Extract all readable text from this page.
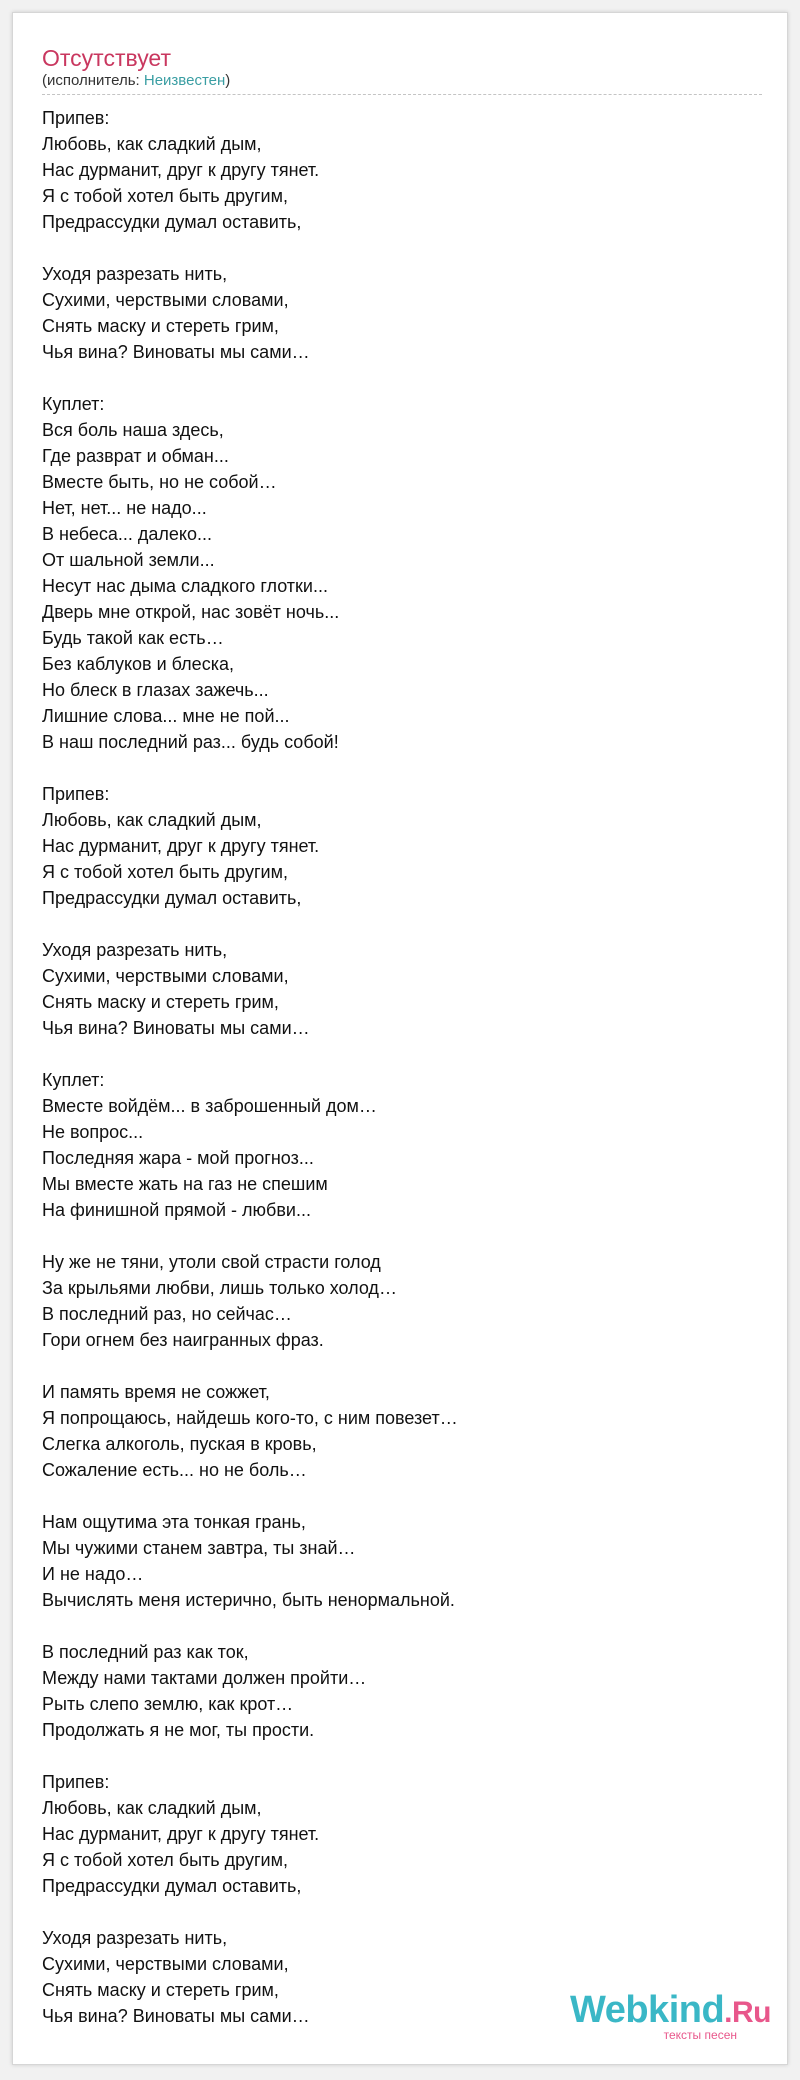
Отсутствует
(исполнитель: Неизвестен)
Припев:
Любовь, как сладкий дым,
Нас дурманит, друг к другу тянет.
Я с тобой хотел быть другим,
Предрассудки думал оставить,
Уходя разрезать нить,
Сухими, черствыми словами,
Снять маску и стереть грим,
Чья вина? Виноваты мы сами…
Куплет:
Вся боль наша здесь,
Где разврат и обман...
Вместе быть, но не собой…
Нет, нет... не надо...
В небеса... далеко...
От шальной земли...
Несут нас дыма сладкого глотки...
Дверь мне открой, нас зовёт ночь...
Будь такой как есть…
Без каблуков и блеска,
Но блеск в глазах зажечь...
Лишние слова... мне не пой...
В наш последний раз... будь собой!
Припев:
Любовь, как сладкий дым,
Нас дурманит, друг к другу тянет.
Я с тобой хотел быть другим,
Предрассудки думал оставить,
Уходя разрезать нить,
Сухими, черствыми словами,
Снять маску и стереть грим,
Чья вина? Виноваты мы сами…
Куплет:
Вместе войдём... в заброшенный дом…
Не вопрос...
Последняя жара - мой прогноз...
Мы вместе жать на газ не спешим
На финишной прямой - любви...
Ну же не тяни, утоли свой страсти голод
За крыльями любви, лишь только холод…
В последний раз, но сейчас…
Гори огнем без наигранных фраз.
И память время не сожжет,
Я попрощаюсь, найдешь кого-то, с ним повезет…
Слегка алкоголь, пуская в кровь,
Сожаление есть... но не боль…
Нам ощутима эта тонкая грань,
Мы чужими станем завтра, ты знай…
И не надо…
Вычислять меня истерично, быть ненормальной.
В последний раз как ток,
Между нами тактами должен пройти…
Рыть слепо землю, как крот…
Продолжать я не мог, ты прости.
Припев:
Любовь, как сладкий дым,
Нас дурманит, друг к другу тянет.
Я с тобой хотел быть другим,
Предрассудки думал оставить,
Уходя разрезать нить,
Сухими, черствыми словами,
Снять маску и стереть грим,
Чья вина? Виноваты мы сами…	Webkind.Ru
тексты песен
